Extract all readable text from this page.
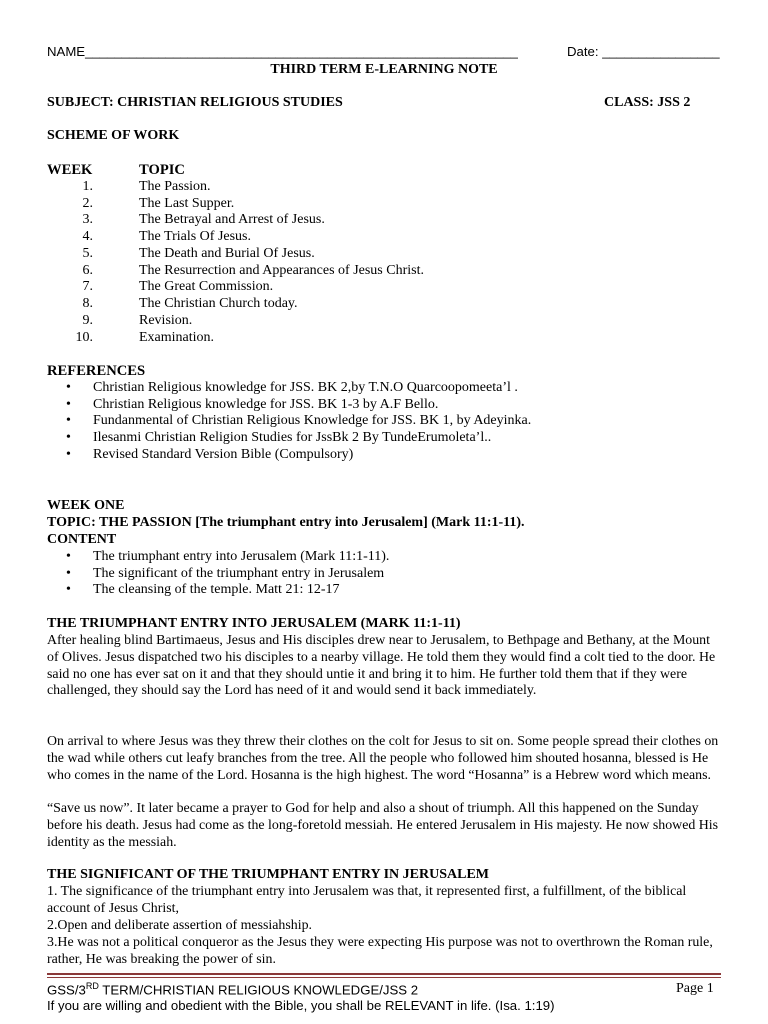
NAME___________________________________________________________	Date: ________________
THIRD TERM E-LEARNING NOTE
SUBJECT: CHRISTIAN RELIGIOUS STUDIES	CLASS: JSS 2
SCHEME OF WORK
WEEK	TOPIC
1.	The Passion.
2.	The Last Supper.
3.	The Betrayal and Arrest of Jesus.
4.	The Trials Of Jesus.
5.	The Death and Burial Of Jesus.
6.	The Resurrection and Appearances of Jesus Christ.
7.	The Great Commission.
8.	The Christian Church today.
9.	Revision.
10.	Examination.
REFERENCES
• Christian Religious knowledge for JSS. BK 2,by T.N.O Quarcoopomeeta’l .
• Christian Religious knowledge for JSS. BK 1-3 by A.F Bello.
• Fundanmental of Christian Religious Knowledge for JSS. BK 1, by Adeyinka.
• Ilesanmi Christian Religion Studies for JssBk 2 By TundeErumoleta’l..
• Revised Standard Version Bible (Compulsory)
WEEK ONE
TOPIC: THE PASSION [The triumphant entry into Jerusalem] (Mark 11:1-11).
CONTENT
• The triumphant entry into Jerusalem (Mark 11:1-11).
• The significant of the triumphant entry in Jerusalem
• The cleansing of the temple. Matt 21: 12-17
THE TRIUMPHANT ENTRY INTO JERUSALEM (MARK 11:1-11)
After healing blind Bartimaeus, Jesus and His disciples drew near to Jerusalem, to Bethpage and Bethany, at the Mount of Olives. Jesus dispatched two his disciples to a nearby village. He told them they would find a colt tied to the door. He said no one has ever sat on it and that they should untie it and bring it to him. He further told them that if they were challenged, they should say the Lord has need of it and would send it back immediately.
On arrival to where Jesus was they threw their clothes on the colt for Jesus to sit on. Some people spread their clothes on the wad while others cut leafy branches from the tree. All the people who followed him shouted hosanna, blessed is He who comes in the name of the Lord. Hosanna is the high highest. The word “Hosanna” is a Hebrew word which means.
“Save us now”. It later became a prayer to God for help and also a shout of triumph. All this happened on the Sunday before his death. Jesus had come as the long-foretold messiah. He entered Jerusalem in His majesty. He now showed His identity as the messiah.
THE SIGNIFICANT OF THE TRIUMPHANT ENTRY IN JERUSALEM
1. The significance of the triumphant entry into Jerusalem was that, it represented first, a fulfillment, of the biblical account of Jesus Christ,
2.Open and deliberate assertion of messiahship.
3.He was not a political conqueror as the Jesus they were expecting His purpose was not to overthrown the Roman rule, rather, He was breaking the power of sin.
GSS/3RD TERM/CHRISTIAN RELIGIOUS KNOWLEDGE/JSS 2	Page 1
If you are willing and obedient with the Bible, you shall be RELEVANT in life. (Isa. 1:19)
